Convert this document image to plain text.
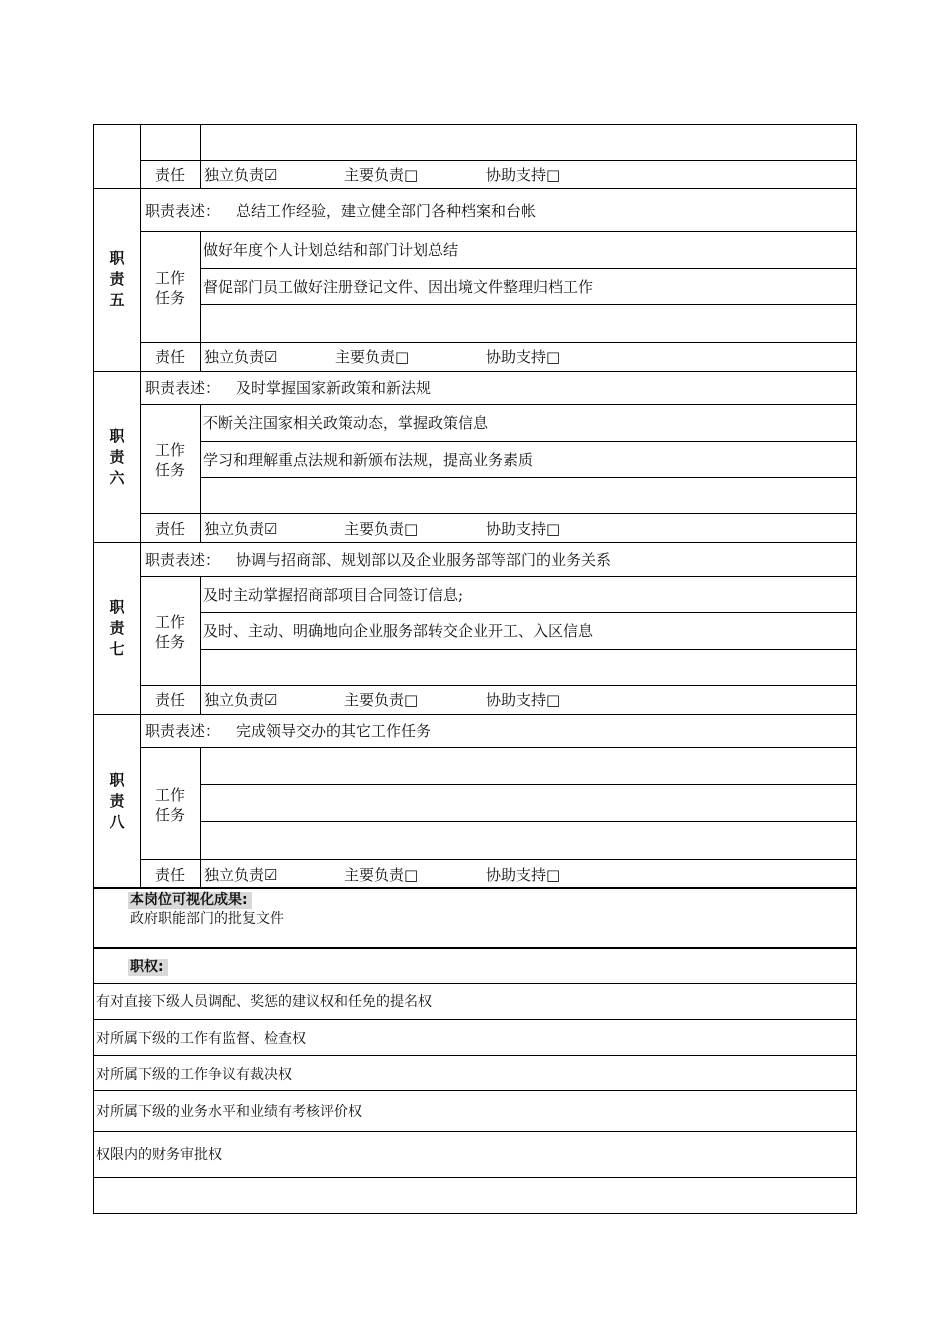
责任 独立负责☑	主要负责□	协助支持□
职责五
职责表述： 总结工作经验，建立健全部门各种档案和台帐
工作任务
做好年度个人计划总结和部门计划总结
督促部门员工做好注册登记文件、因出境文件整理归档工作
责任 独立负责☑	主要负责□	协助支持□
职责六
职责表述： 及时掌握国家新政策和新法规
工作任务
不断关注国家相关政策动态，掌握政策信息
学习和理解重点法规和新颁布法规，提高业务素质
责任 独立负责☑	主要负责□	协助支持□
职责七
职责表述： 协调与招商部、规划部以及企业服务部等部门的业务关系
工作任务
及时主动掌握招商部项目合同签订信息;
及时、主动、明确地向企业服务部转交企业开工、入区信息
责任 独立负责☑	主要负责□	协助支持□
职责八
职责表述： 完成领导交办的其它工作任务
工作任务
责任 独立负责☑	主要负责□	协助支持□
本岗位可视化成果:
政府职能部门的批复文件
职权:
有对直接下级人员调配、奖惩的建议权和任免的提名权
对所属下级的工作有监督、检查权
对所属下级的工作争议有裁决权
对所属下级的业务水平和业绩有考核评价权
权限内的财务审批权
